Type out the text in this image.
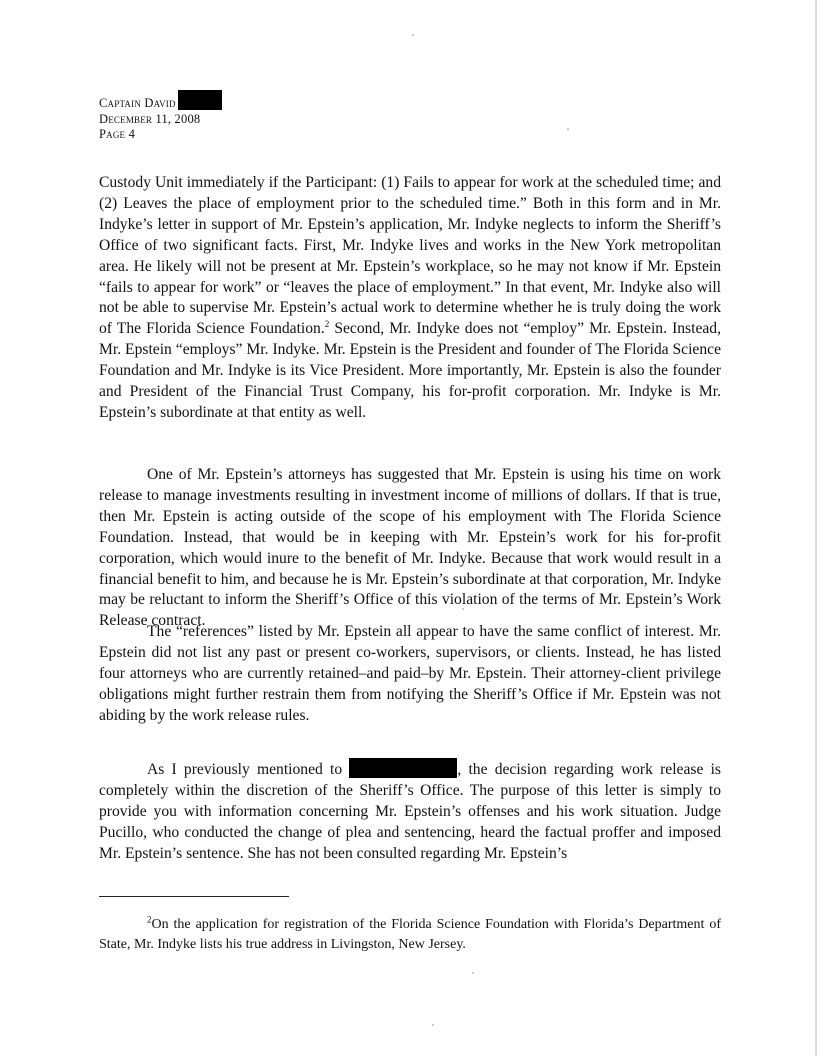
Captain David
December 11, 2008
Page 4

Custody Unit immediately if the Participant: (1) Fails to appear for work at the scheduled time; and (2) Leaves the place of employment prior to the scheduled time.” Both in this form and in Mr. Indyke’s letter in support of Mr. Epstein’s application, Mr. Indyke neglects to inform the Sheriff’s Office of two significant facts. First, Mr. Indyke lives and works in the New York metropolitan area. He likely will not be present at Mr. Epstein’s workplace, so he may not know if Mr. Epstein “fails to appear for work” or “leaves the place of employment.” In that event, Mr. Indyke also will not be able to supervise Mr. Epstein’s actual work to determine whether he is truly doing the work of The Florida Science Foundation.$^2$ Second, Mr. Indyke does not “employ” Mr. Epstein. Instead, Mr. Epstein “employs” Mr. Indyke. Mr. Epstein is the President and founder of The Florida Science Foundation and Mr. Indyke is its Vice President. More importantly, Mr. Epstein is also the founder and President of the Financial Trust Company, his for-profit corporation. Mr. Indyke is Mr. Epstein’s subordinate at that entity as well.

One of Mr. Epstein’s attorneys has suggested that Mr. Epstein is using his time on work release to manage investments resulting in investment income of millions of dollars. If that is true, then Mr. Epstein is acting outside of the scope of his employment with The Florida Science Foundation. Instead, that would be in keeping with Mr. Epstein’s work for his for-profit corporation, which would inure to the benefit of Mr. Indyke. Because that work would result in a financial benefit to him, and because he is Mr. Epstein’s subordinate at that corporation, Mr. Indyke may be reluctant to inform the Sheriff’s Office of this violation of the terms of Mr. Epstein’s Work Release contract.

The “references” listed by Mr. Epstein all appear to have the same conflict of interest. Mr. Epstein did not list any past or present co-workers, supervisors, or clients. Instead, he has listed four attorneys who are currently retained–and paid–by Mr. Epstein. Their attorney-client privilege obligations might further restrain them from notifying the Sheriff’s Office if Mr. Epstein was not abiding by the work release rules.

As I previously mentioned to	, the decision regarding work release is completely within the discretion of the Sheriff’s Office. The purpose of this letter is simply to provide you with information concerning Mr. Epstein’s offenses and his work situation. Judge Pucillo, who conducted the change of plea and sentencing, heard the factual proffer and imposed Mr. Epstein’s sentence. She has not been consulted regarding Mr. Epstein’s

$^2$On the application for registration of the Florida Science Foundation with Florida’s Department of State, Mr. Indyke lists his true address in Livingston, New Jersey.
